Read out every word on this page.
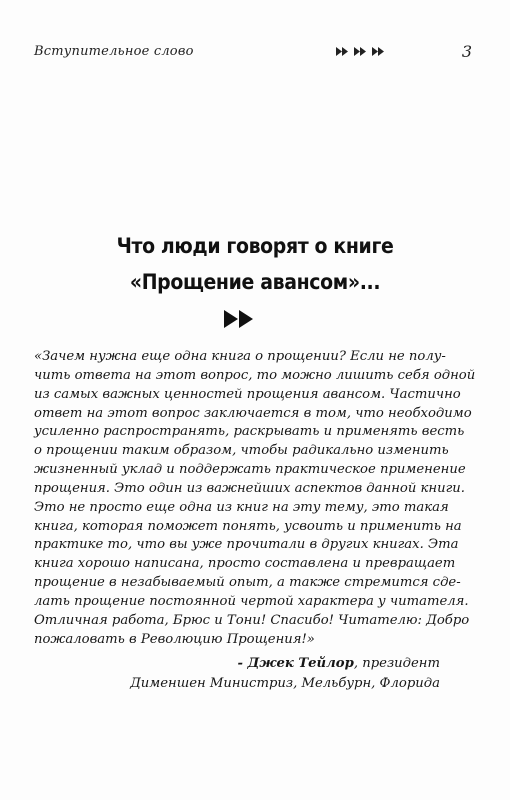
Вступительное слово	3
Что люди говорят о книге
«Прощение авансом»...
«Зачем нужна еще одна книга о прощении? Если не полу-
чить ответа на этот вопрос, то можно лишить себя одной
из самых важных ценностей прощения авансом. Частично
ответ на этот вопрос заключается в том, что необходимо
усиленно распространять, раскрывать и применять весть
о прощении таким образом, чтобы радикально изменить
жизненный уклад и поддержать практическое применение
прощения. Это один из важнейших аспектов данной книги.
Это не просто еще одна из книг на эту тему, это такая
книга, которая поможет понять, усвоить и применить на
практике то, что вы уже прочитали в других книгах. Эта
книга хорошо написана, просто составлена и превращает
прощение в незабываемый опыт, а также стремится сде-
лать прощение постоянной чертой характера у читателя.
Отличная работа, Брюс и Тони! Спасибо! Читателю: Добро
пожаловать в Революцию Прощения!»
- Джек Тейлор, президент
Дименшен Министриз, Мельбурн, Флорида
